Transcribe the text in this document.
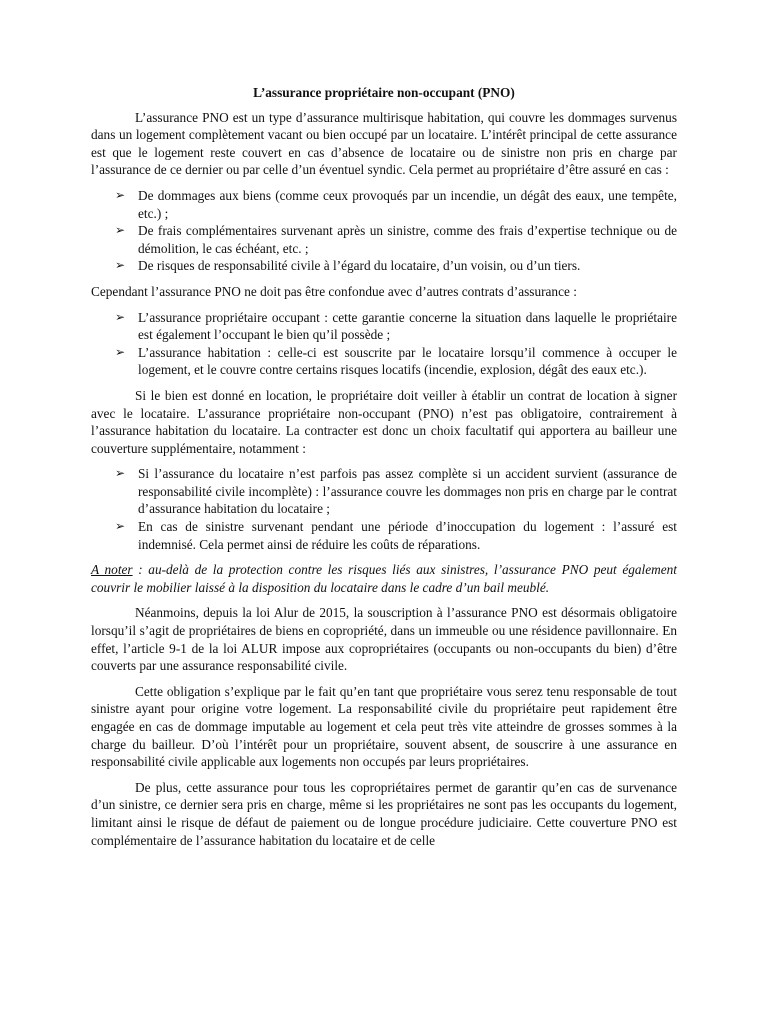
L’assurance propriétaire non-occupant (PNO)

L’assurance PNO est un type d’assurance multirisque habitation, qui couvre les dommages survenus dans un logement complètement vacant ou bien occupé par un locataire. L’intérêt principal de cette assurance est que le logement reste couvert en cas d’absence de locataire ou de sinistre non pris en charge par l’assurance de ce dernier ou par celle d’un éventuel syndic. Cela permet au propriétaire d’être assuré en cas :

➢ De dommages aux biens (comme ceux provoqués par un incendie, un dégât des eaux, une tempête, etc.) ;
➢ De frais complémentaires survenant après un sinistre, comme des frais d’expertise technique ou de démolition, le cas échéant, etc. ;
➢ De risques de responsabilité civile à l’égard du locataire, d’un voisin, ou d’un tiers.

Cependant l’assurance PNO ne doit pas être confondue avec d’autres contrats d’assurance :

➢ L’assurance propriétaire occupant : cette garantie concerne la situation dans laquelle le propriétaire est également l’occupant le bien qu’il possède ;
➢ L’assurance habitation : celle-ci est souscrite par le locataire lorsqu’il commence à occuper le logement, et le couvre contre certains risques locatifs (incendie, explosion, dégât des eaux etc.).

Si le bien est donné en location, le propriétaire doit veiller à établir un contrat de location à signer avec le locataire. L’assurance propriétaire non-occupant (PNO) n’est pas obligatoire, contrairement à l’assurance habitation du locataire. La contracter est donc un choix facultatif qui apportera au bailleur une couverture supplémentaire, notamment :

➢ Si l’assurance du locataire n’est parfois pas assez complète si un accident survient (assurance de responsabilité civile incomplète) : l’assurance couvre les dommages non pris en charge par le contrat d’assurance habitation du locataire ;
➢ En cas de sinistre survenant pendant une période d’inoccupation du logement : l’assuré est indemnisé. Cela permet ainsi de réduire les coûts de réparations.

A noter : au-delà de la protection contre les risques liés aux sinistres, l’assurance PNO peut également couvrir le mobilier laissé à la disposition du locataire dans le cadre d’un bail meublé.

Néanmoins, depuis la loi Alur de 2015, la souscription à l’assurance PNO est désormais obligatoire lorsqu’il s’agit de propriétaires de biens en copropriété, dans un immeuble ou une résidence pavillonnaire. En effet, l’article 9-1 de la loi ALUR impose aux copropriétaires (occupants ou non-occupants du bien) d’être couverts par une assurance responsabilité civile.

Cette obligation s’explique par le fait qu’en tant que propriétaire vous serez tenu responsable de tout sinistre ayant pour origine votre logement. La responsabilité civile du propriétaire peut rapidement être engagée en cas de dommage imputable au logement et cela peut très vite atteindre de grosses sommes à la charge du bailleur. D’où l’intérêt pour un propriétaire, souvent absent, de souscrire à une assurance en responsabilité civile applicable aux logements non occupés par leurs propriétaires.

De plus, cette assurance pour tous les copropriétaires permet de garantir qu’en cas de survenance d’un sinistre, ce dernier sera pris en charge, même si les propriétaires ne sont pas les occupants du logement, limitant ainsi le risque de défaut de paiement ou de longue procédure judiciaire. Cette couverture PNO est complémentaire de l’assurance habitation du locataire et de celle
